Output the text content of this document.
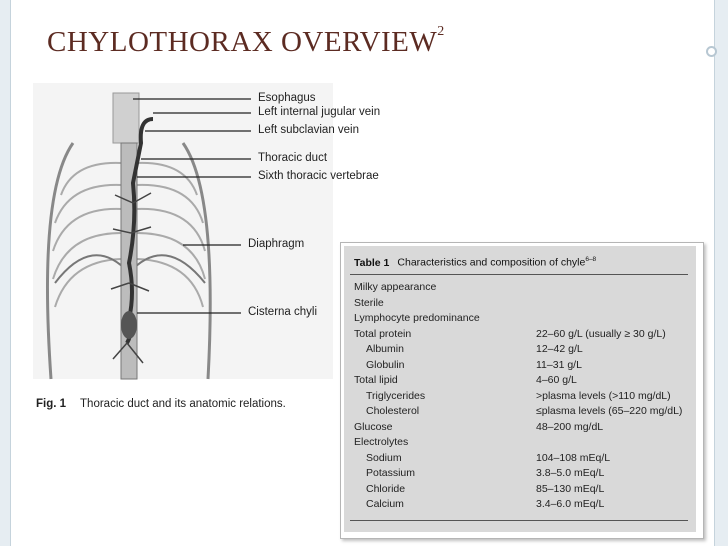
CHYLOTHORAX OVERVIEW$^2$
Esophagus
Left internal jugular vein
Left subclavian vein
Thoracic duct
Sixth thoracic vertebrae
Diaphragm
Cisterna chyli
Fig. 1 Thoracic duct and its anatomic relations.
Table 1 Characteristics and composition of chyle$^{6-8}$
Milky appearance
Sterile
Lymphocyte predominance
Total protein	22–60 g/L (usually ≥ 30 g/L)
Albumin	12–42 g/L
Globulin	11–31 g/L
Total lipid	4–60 g/L
Triglycerides	>plasma levels (>110 mg/dL)
Cholesterol	≤plasma levels (65–220 mg/dL)
Glucose	48–200 mg/dL
Electrolytes
Sodium	104–108 mEq/L
Potassium	3.8–5.0 mEq/L
Chloride	85–130 mEq/L
Calcium	3.4–6.0 mEq/L
